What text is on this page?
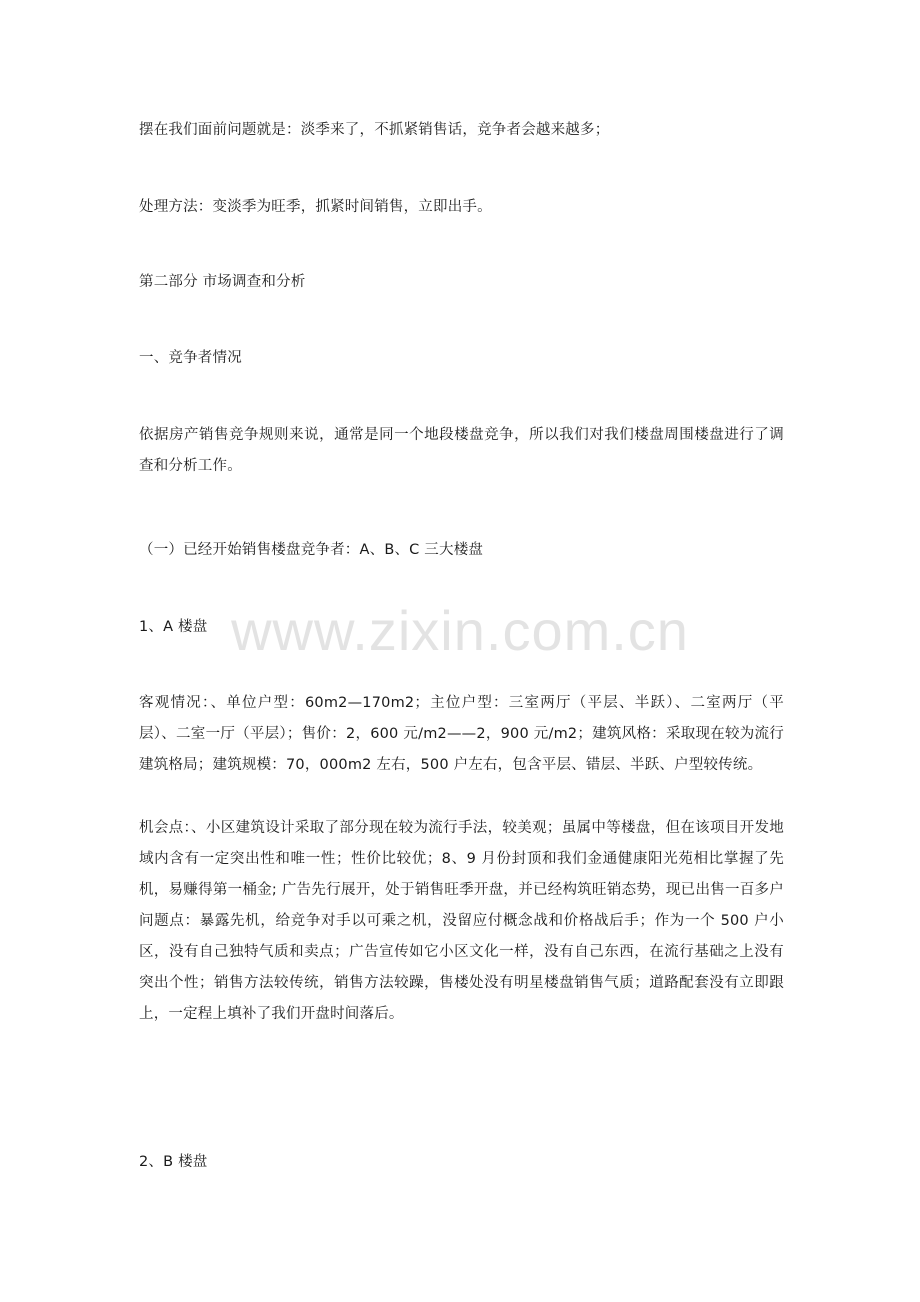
摆在我们面前问题就是：淡季来了，不抓紧销售话，竞争者会越来越多；

处理方法：变淡季为旺季，抓紧时间销售，立即出手。

第二部分 市场调查和分析

一、竞争者情况

依据房产销售竞争规则来说，通常是同一个地段楼盘竞争，所以我们对我们楼盘周围楼盘进行了调查和分析工作。

（一）已经开始销售楼盘竞争者：A、B、C 三大楼盘

1、A 楼盘

客观情况：、单位户型：60m2—170m2；主位户型：三室两厅（平层、半跃）、二室两厅（平层）、二室一厅（平层）；售价：2，600 元/m2——2，900 元/m2；建筑风格：采取现在较为流行建筑格局；建筑规模：70，000m2 左右，500 户左右，包含平层、错层、半跃、户型较传统。

机会点：、小区建筑设计采取了部分现在较为流行手法，较美观；虽属中等楼盘，但在该项目开发地域内含有一定突出性和唯一性；性价比较优；8、9 月份封顶和我们金通健康阳光苑相比掌握了先机，易赚得第一桶金; 广告先行展开，处于销售旺季开盘，并已经构筑旺销态势，现已出售一百多户问题点：暴露先机，给竞争对手以可乘之机，没留应付概念战和价格战后手；作为一个 500 户小区，没有自己独特气质和卖点；广告宣传如它小区文化一样，没有自己东西，在流行基础之上没有突出个性；销售方法较传统，销售方法较躁，售楼处没有明星楼盘销售气质；道路配套没有立即跟上，一定程上填补了我们开盘时间落后。

2、B 楼盘

www.zixin.com.cn
